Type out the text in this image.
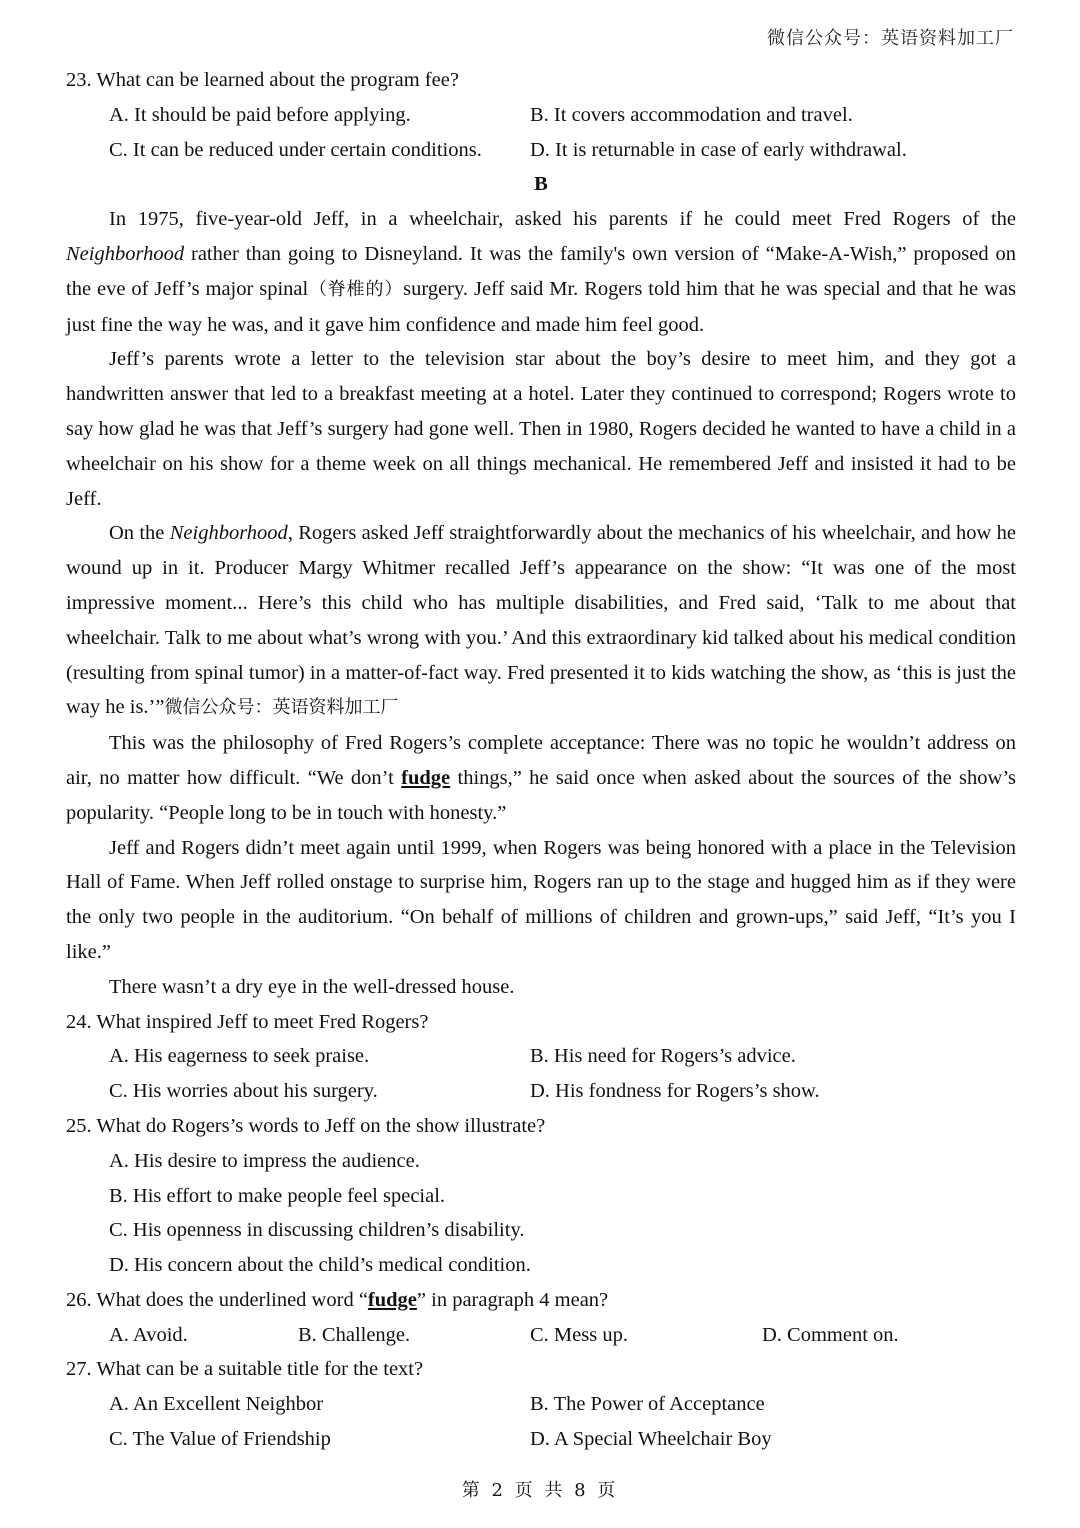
微信公众号：英语资料加工厂
23. What can be learned about the program fee?
A. It should be paid before applying.	B. It covers accommodation and travel.
C. It can be reduced under certain conditions.	D. It is returnable in case of early withdrawal.
B

In 1975, five-year-old Jeff, in a wheelchair, asked his parents if he could meet Fred Rogers of the Neighborhood rather than going to Disneyland. It was the family's own version of “Make-A-Wish,” proposed on the eve of Jeff’s major spinal（脊椎的）surgery. Jeff said Mr. Rogers told him that he was special and that he was just fine the way he was, and it gave him confidence and made him feel good.

Jeff’s parents wrote a letter to the television star about the boy’s desire to meet him, and they got a handwritten answer that led to a breakfast meeting at a hotel. Later they continued to correspond; Rogers wrote to say how glad he was that Jeff’s surgery had gone well. Then in 1980, Rogers decided he wanted to have a child in a wheelchair on his show for a theme week on all things mechanical. He remembered Jeff and insisted it had to be Jeff.

On the Neighborhood, Rogers asked Jeff straightforwardly about the mechanics of his wheelchair, and how he wound up in it. Producer Margy Whitmer recalled Jeff’s appearance on the show: “It was one of the most impressive moment... Here’s this child who has multiple disabilities, and Fred said, ‘Talk to me about that wheelchair. Talk to me about what’s wrong with you.’ And this extraordinary kid talked about his medical condition (resulting from spinal tumor) in a matter-of-fact way. Fred presented it to kids watching the show, as ‘this is just the way he is.’”微信公众号：英语资料加工厂

This was the philosophy of Fred Rogers’s complete acceptance: There was no topic he wouldn’t address on air, no matter how difficult. “We don’t fudge things,” he said once when asked about the sources of the show’s popularity. “People long to be in touch with honesty.”

Jeff and Rogers didn’t meet again until 1999, when Rogers was being honored with a place in the Television Hall of Fame. When Jeff rolled onstage to surprise him, Rogers ran up to the stage and hugged him as if they were the only two people in the auditorium. “On behalf of millions of children and grown-ups,” said Jeff, “It’s you I like.”

There wasn’t a dry eye in the well-dressed house.

24. What inspired Jeff to meet Fred Rogers?
A. His eagerness to seek praise.	B. His need for Rogers’s advice.
C. His worries about his surgery.	D. His fondness for Rogers’s show.
25. What do Rogers’s words to Jeff on the show illustrate?
A. His desire to impress the audience.
B. His effort to make people feel special.
C. His openness in discussing children’s disability.
D. His concern about the child’s medical condition.
26. What does the underlined word “fudge” in paragraph 4 mean?
A. Avoid.	B. Challenge.	C. Mess up.	D. Comment on.
27. What can be a suitable title for the text?
A. An Excellent Neighbor	B. The Power of Acceptance
C. The Value of Friendship	D. A Special Wheelchair Boy
第 2 页 共 8 页
